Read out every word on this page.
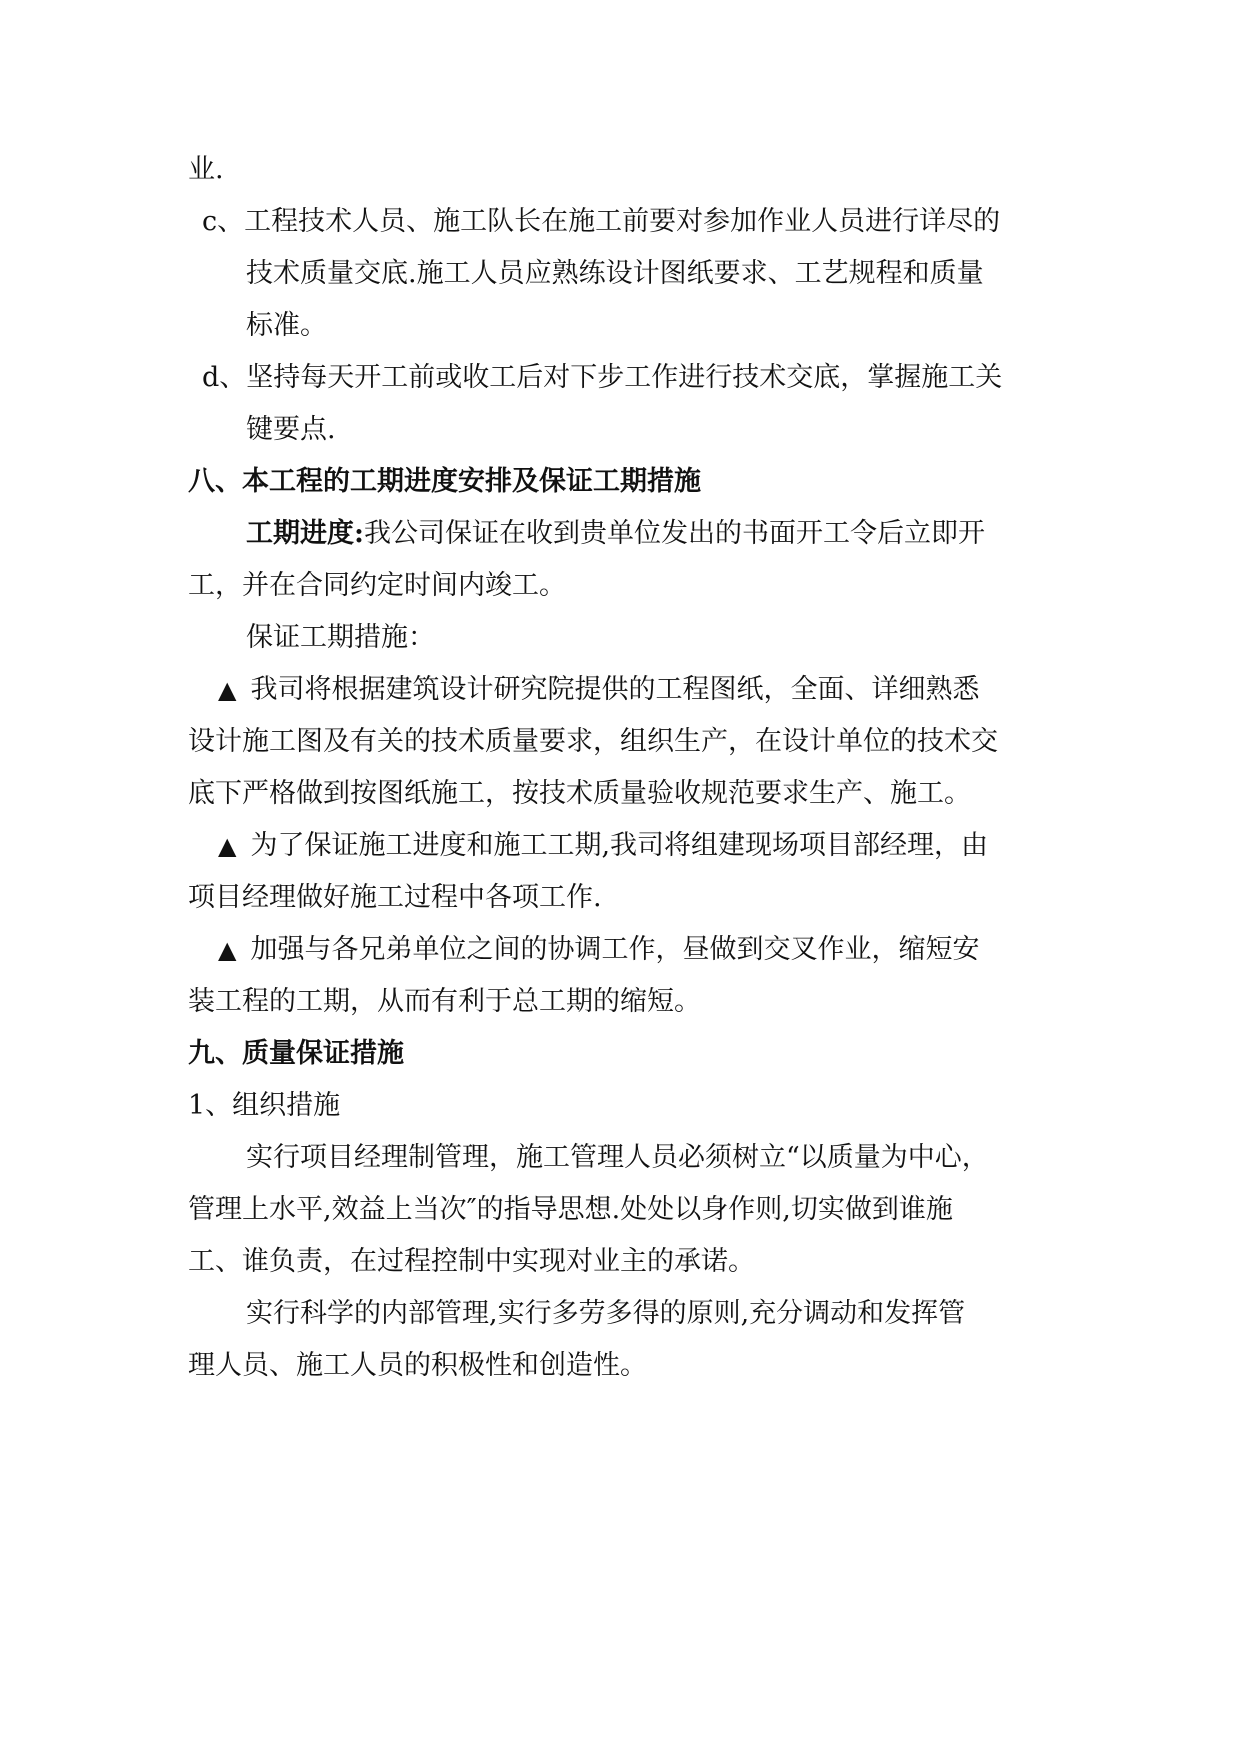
业.

c、工程技术人员、施工队长在施工前要对参加作业人员进行详尽的

技术质量交底.施工人员应熟练设计图纸要求、工艺规程和质量

标准。

d、坚持每天开工前或收工后对下步工作进行技术交底，掌握施工关

键要点.

八、本工程的工期进度安排及保证工期措施

工期进度:我公司保证在收到贵单位发出的书面开工令后立即开

工，并在合同约定时间内竣工。

保证工期措施：

▲ 我司将根据建筑设计研究院提供的工程图纸，全面、详细熟悉

设计施工图及有关的技术质量要求，组织生产，在设计单位的技术交

底下严格做到按图纸施工，按技术质量验收规范要求生产、施工。

▲ 为了保证施工进度和施工工期,我司将组建现场项目部经理，由

项目经理做好施工过程中各项工作.

▲ 加强与各兄弟单位之间的协调工作，昼做到交叉作业，缩短安

装工程的工期，从而有利于总工期的缩短。

九、质量保证措施

1、组织措施

实行项目经理制管理，施工管理人员必须树立“以质量为中心，

管理上水平,效益上当次″的指导思想.处处以身作则,切实做到谁施

工、谁负责，在过程控制中实现对业主的承诺。

实行科学的内部管理,实行多劳多得的原则,充分调动和发挥管

理人员、施工人员的积极性和创造性。
